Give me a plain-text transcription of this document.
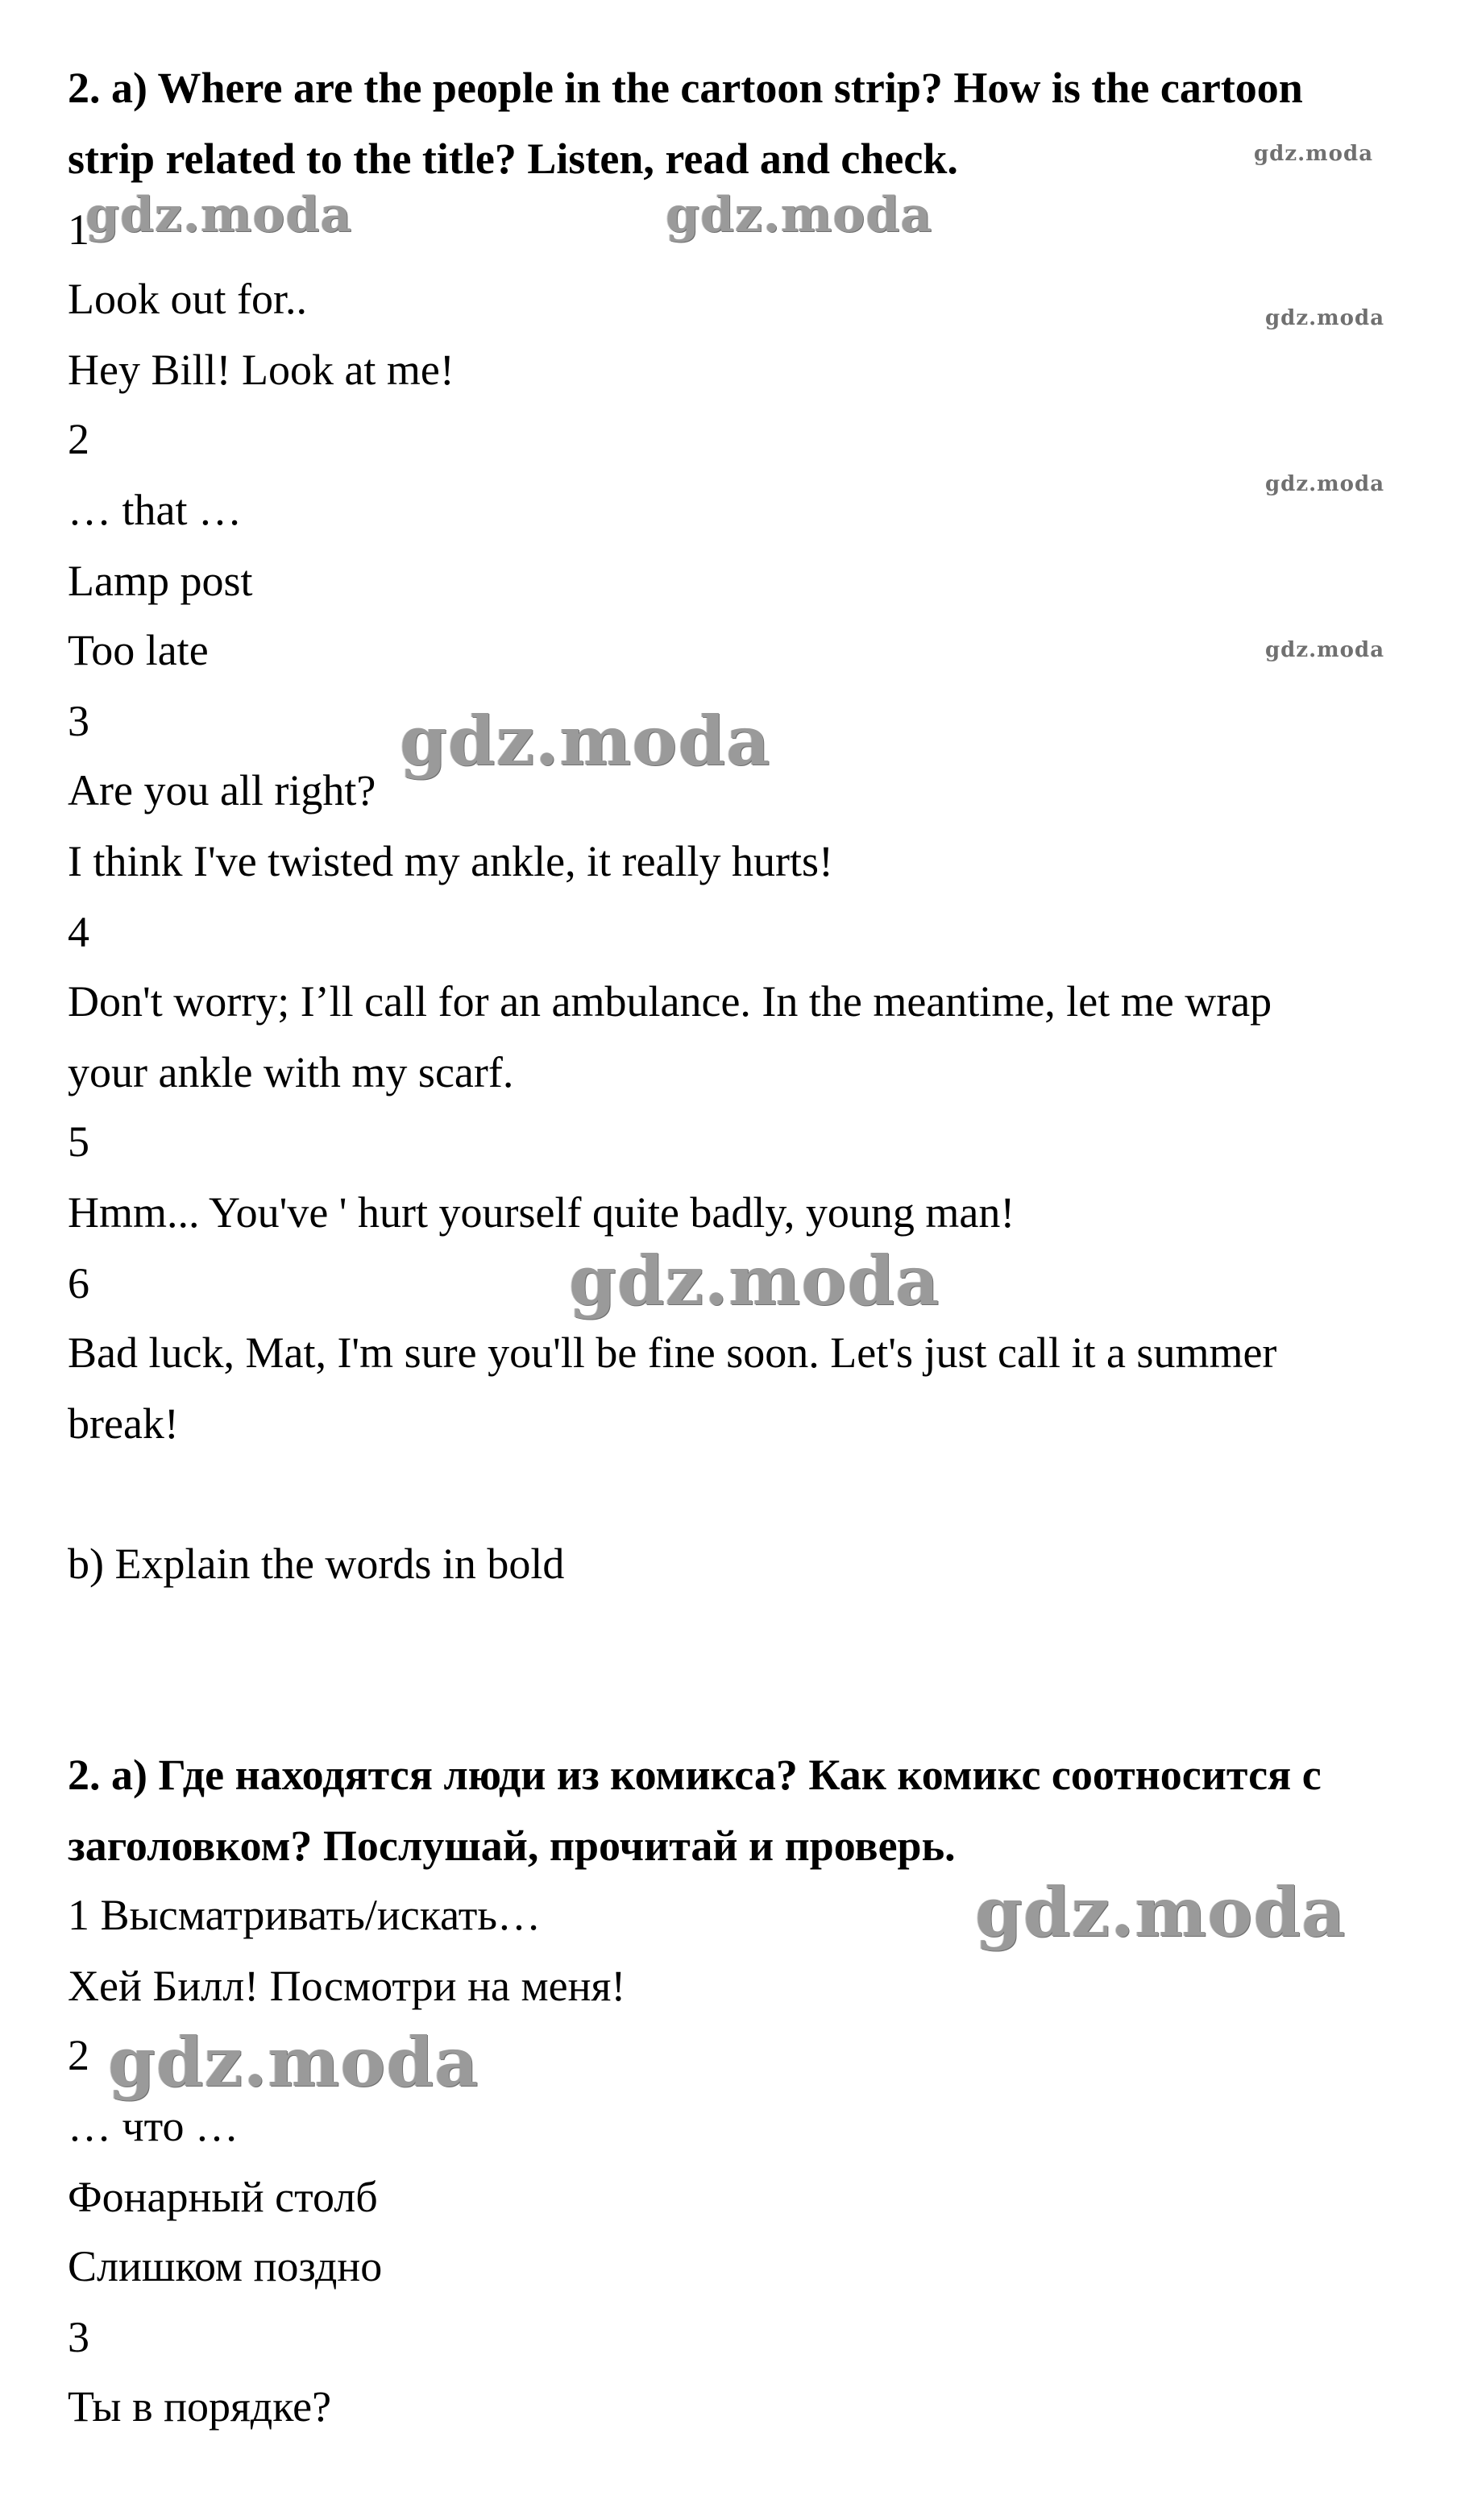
2. a) Where are the people in the cartoon strip? How is the cartoon
strip related to the title? Listen, read and check.
1
Look out for..
Hey Bill! Look at me!
2
… that …
Lamp post
Too late
3
Are you all right?
I think I've twisted my ankle, it really hurts!
4
Don't worry; I’ll call for an ambulance. In the meantime, let me wrap
your ankle with my scarf.
5
Hmm... You've ' hurt yourself quite badly, young man!
6
Bad luck, Mat, I'm sure you'll be fine soon. Let's just call it a summer
break!
b) Explain the words in bold
2. а) Где находятся люди из комикса? Как комикс соотносится с
заголовком? Послушай, прочитай и проверь.
1 Высматривать/искать…
Хей Билл! Посмотри на меня!
2
… что …
Фонарный столб
Слишком поздно
3
Ты в порядке?
gdz.moda
gdz.moda	gdz.moda
gdz.moda
gdz.moda
gdz.moda
gdz.moda
gdz.moda
gdz.moda
gdz.moda
